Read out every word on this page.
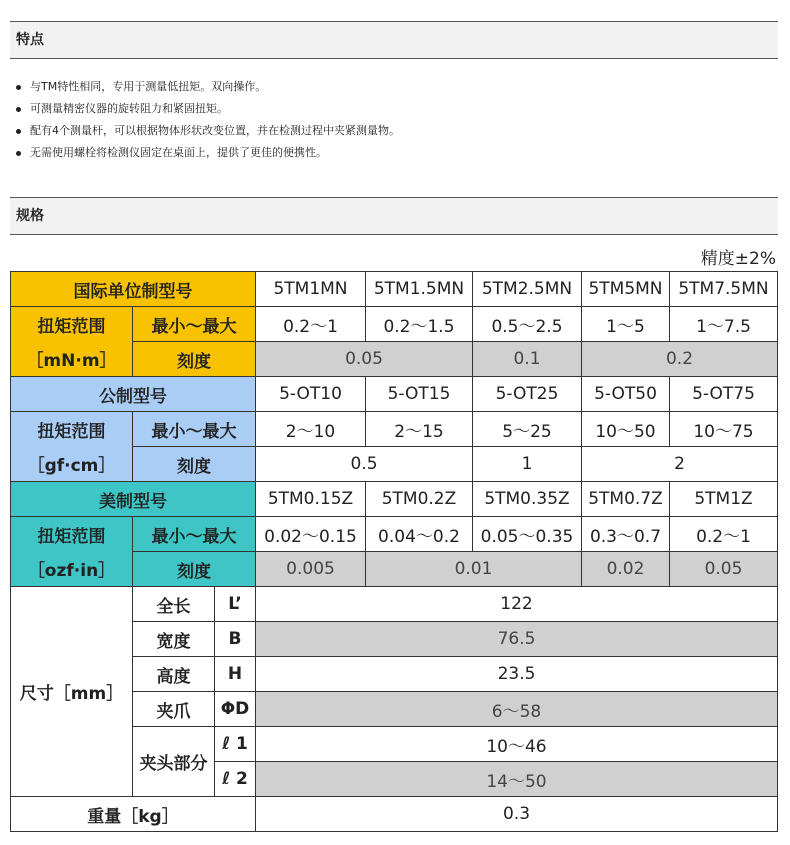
特点
与TM特性相同，专用于测量低扭矩。双向操作。
可测量精密仪器的旋转阻力和紧固扭矩。
配有4个测量杆，可以根据物体形状改变位置，并在检测过程中夹紧测量物。
无需使用螺栓将检测仪固定在桌面上，提供了更佳的便携性。
规格
精度±2%
国际单位制型号			5TM1MN	5TM1.5MN	5TM2.5MN	5TM5MN	5TM7.5MN
扭矩范围	最小～最大		0.2～1	0.2～1.5	0.5～2.5	1～5	1～7.5
［mN·m］	刻度		0.05		0.1	0.2	
公制型号			5-OT10	5-OT15	5-OT25	5-OT50	5-OT75
扭矩范围	最小～最大		2～10	2～15	5～25	10～50	10～75
［gf·cm］	刻度		0.5		1	2	
美制型号			5TM0.15Z	5TM0.2Z	5TM0.35Z	5TM0.7Z	5TM1Z
扭矩范围	最小～最大		0.02～0.15	0.04～0.2	0.05～0.35	0.3～0.7	0.2～1
［ozf·in］	刻度		0.005	0.01		0.02	0.05
尺寸［mm］	全长	L’	122				
	宽度	B	76.5				
	高度	H	23.5				
	夹爪	ΦD	6～58				
	夹头部分	ℓ 1	10～46				
		ℓ 2	14～50				
重量［kg］			0.3				
